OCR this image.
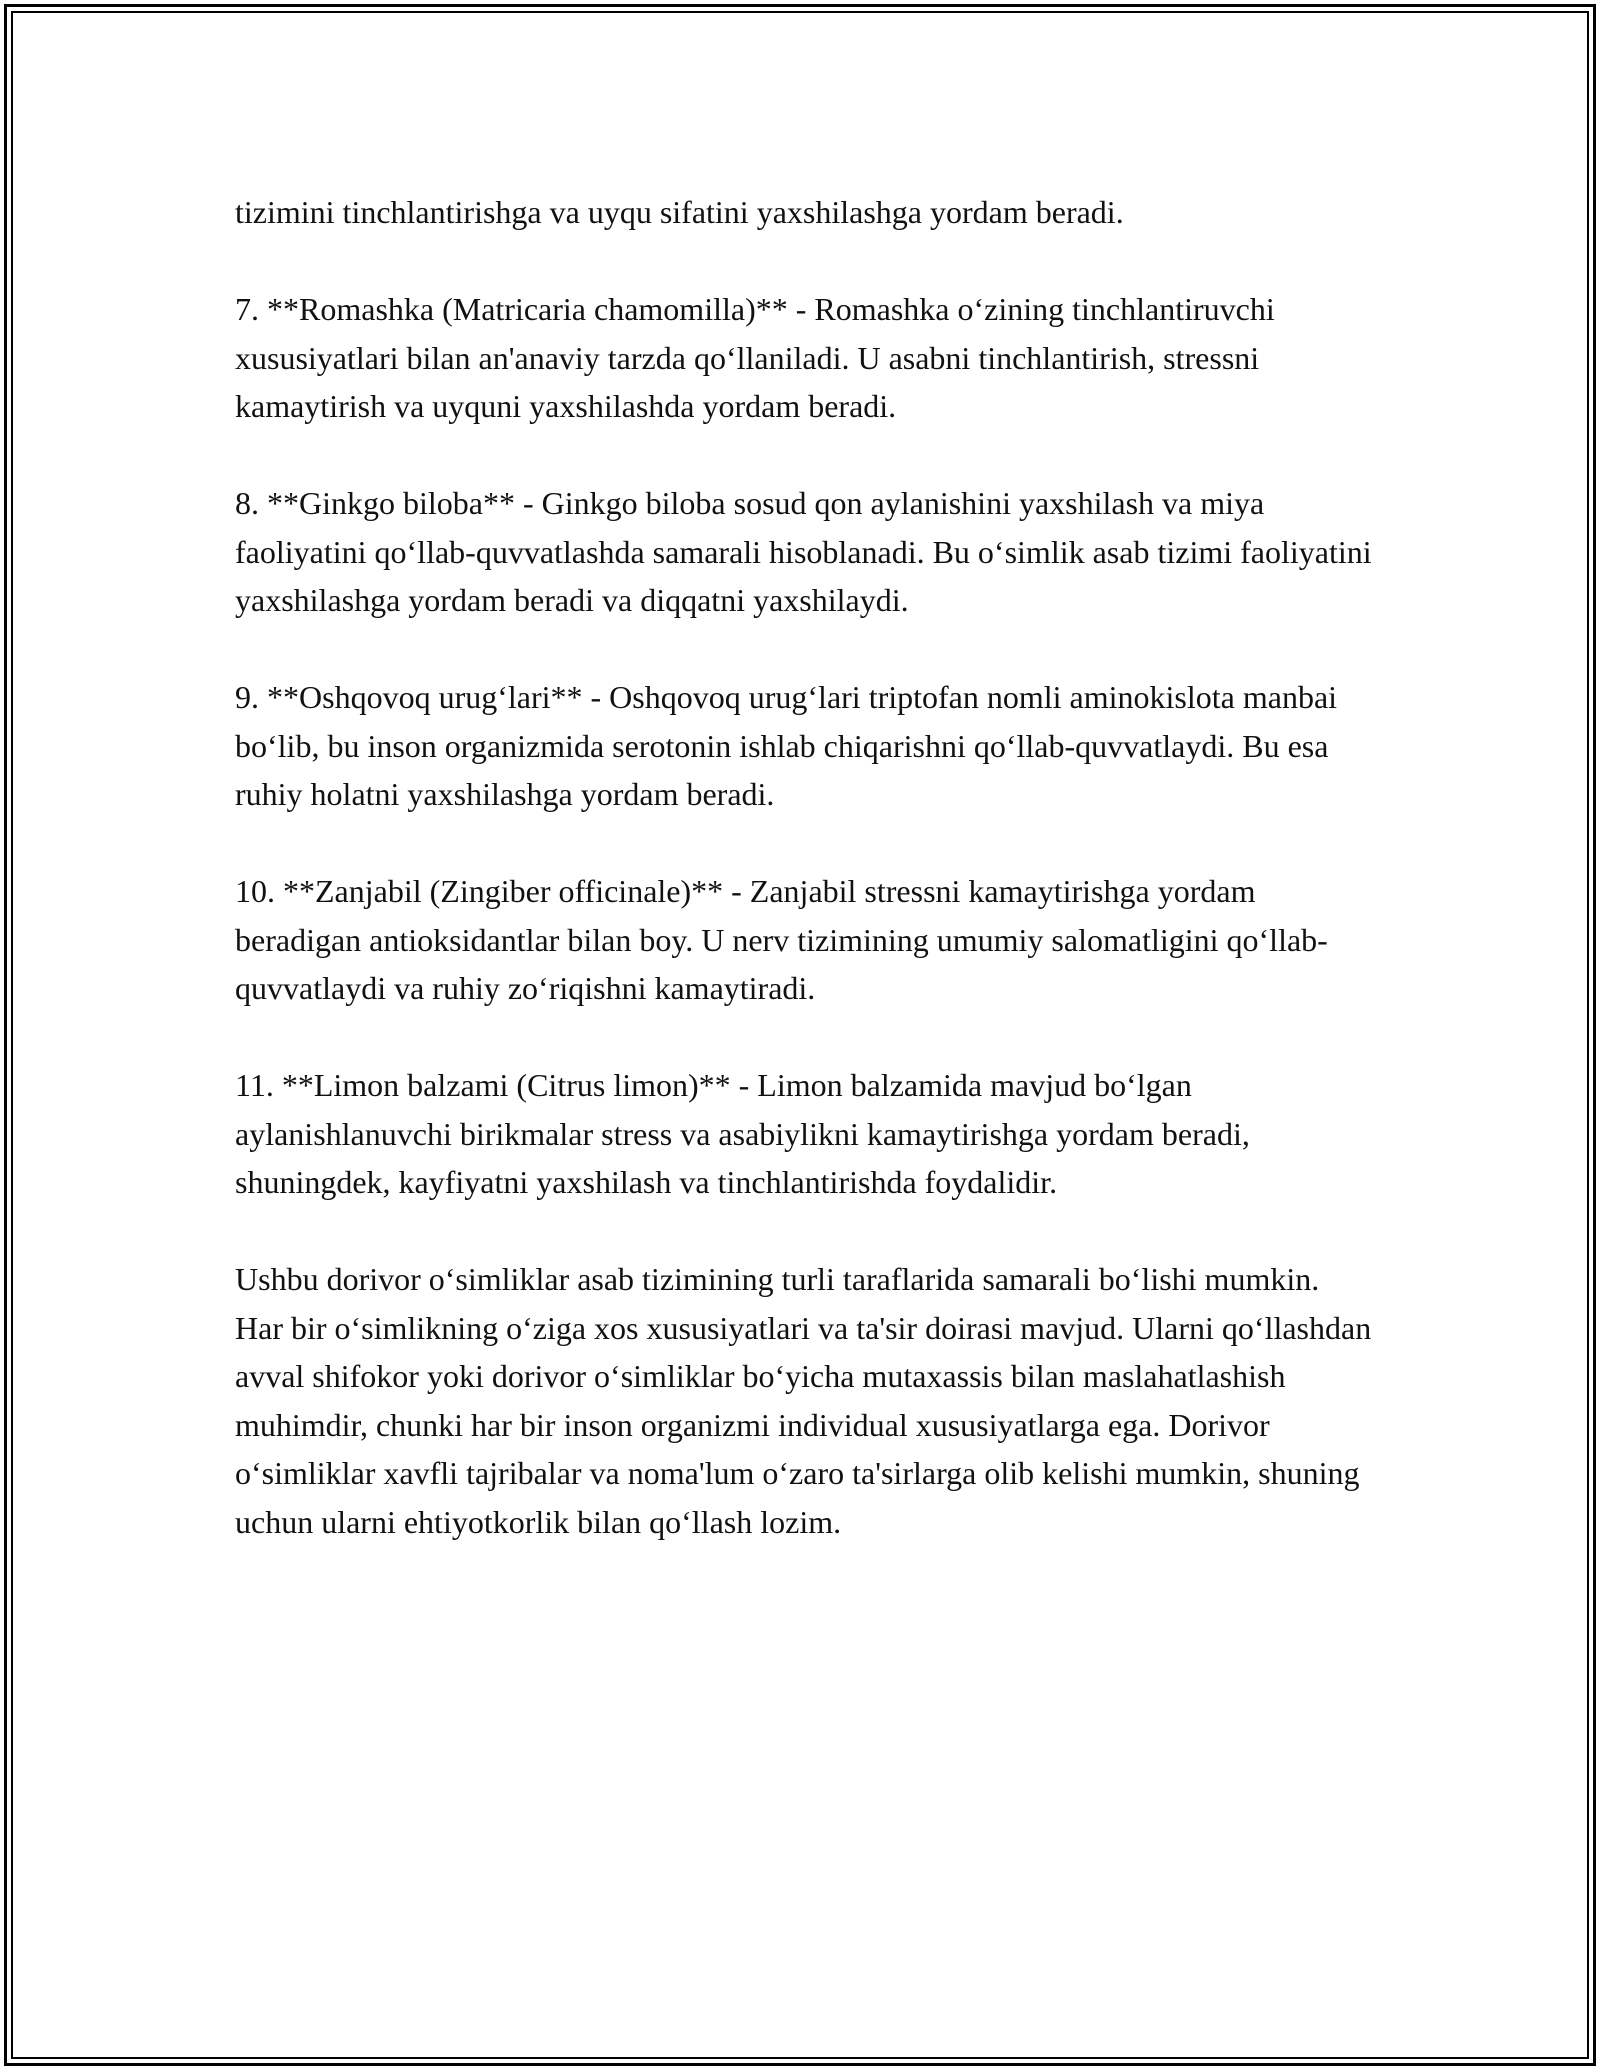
tizimini tinchlantirishga va uyqu sifatini yaxshilashga yordam beradi.

7. **Romashka (Matricaria chamomilla)** - Romashka o‘zining tinchlantiruvchi xususiyatlari bilan an'anaviy tarzda qo‘llaniladi. U asabni tinchlantirish, stressni kamaytirish va uyquni yaxshilashda yordam beradi.

8. **Ginkgo biloba** - Ginkgo biloba sosud qon aylanishini yaxshilash va miya faoliyatini qo‘llab-quvvatlashda samarali hisoblanadi. Bu o‘simlik asab tizimi faoliyatini yaxshilashga yordam beradi va diqqatni yaxshilaydi.

9. **Oshqovoq urug‘lari** - Oshqovoq urug‘lari triptofan nomli aminokislota manbai bo‘lib, bu inson organizmida serotonin ishlab chiqarishni qo‘llab-quvvatlaydi. Bu esa ruhiy holatni yaxshilashga yordam beradi.

10. **Zanjabil (Zingiber officinale)** - Zanjabil stressni kamaytirishga yordam beradigan antioksidantlar bilan boy. U nerv tizimining umumiy salomatligini qo‘llab-quvvatlaydi va ruhiy zo‘riqishni kamaytiradi.

11. **Limon balzami (Citrus limon)** - Limon balzamida mavjud bo‘lgan aylanishlanuvchi birikmalar stress va asabiylikni kamaytirishga yordam beradi, shuningdek, kayfiyatni yaxshilash va tinchlantirishda foydalidir.

Ushbu dorivor o‘simliklar asab tizimining turli taraflarida samarali bo‘lishi mumkin. Har bir o‘simlikning o‘ziga xos xususiyatlari va ta'sir doirasi mavjud. Ularni qo‘llashdan avval shifokor yoki dorivor o‘simliklar bo‘yicha mutaxassis bilan maslahatlashish muhimdir, chunki har bir inson organizmi individual xususiyatlarga ega. Dorivor o‘simliklar xavfli tajribalar va noma'lum o‘zaro ta'sirlarga olib kelishi mumkin, shuning uchun ularni ehtiyotkorlik bilan qo‘llash lozim.
